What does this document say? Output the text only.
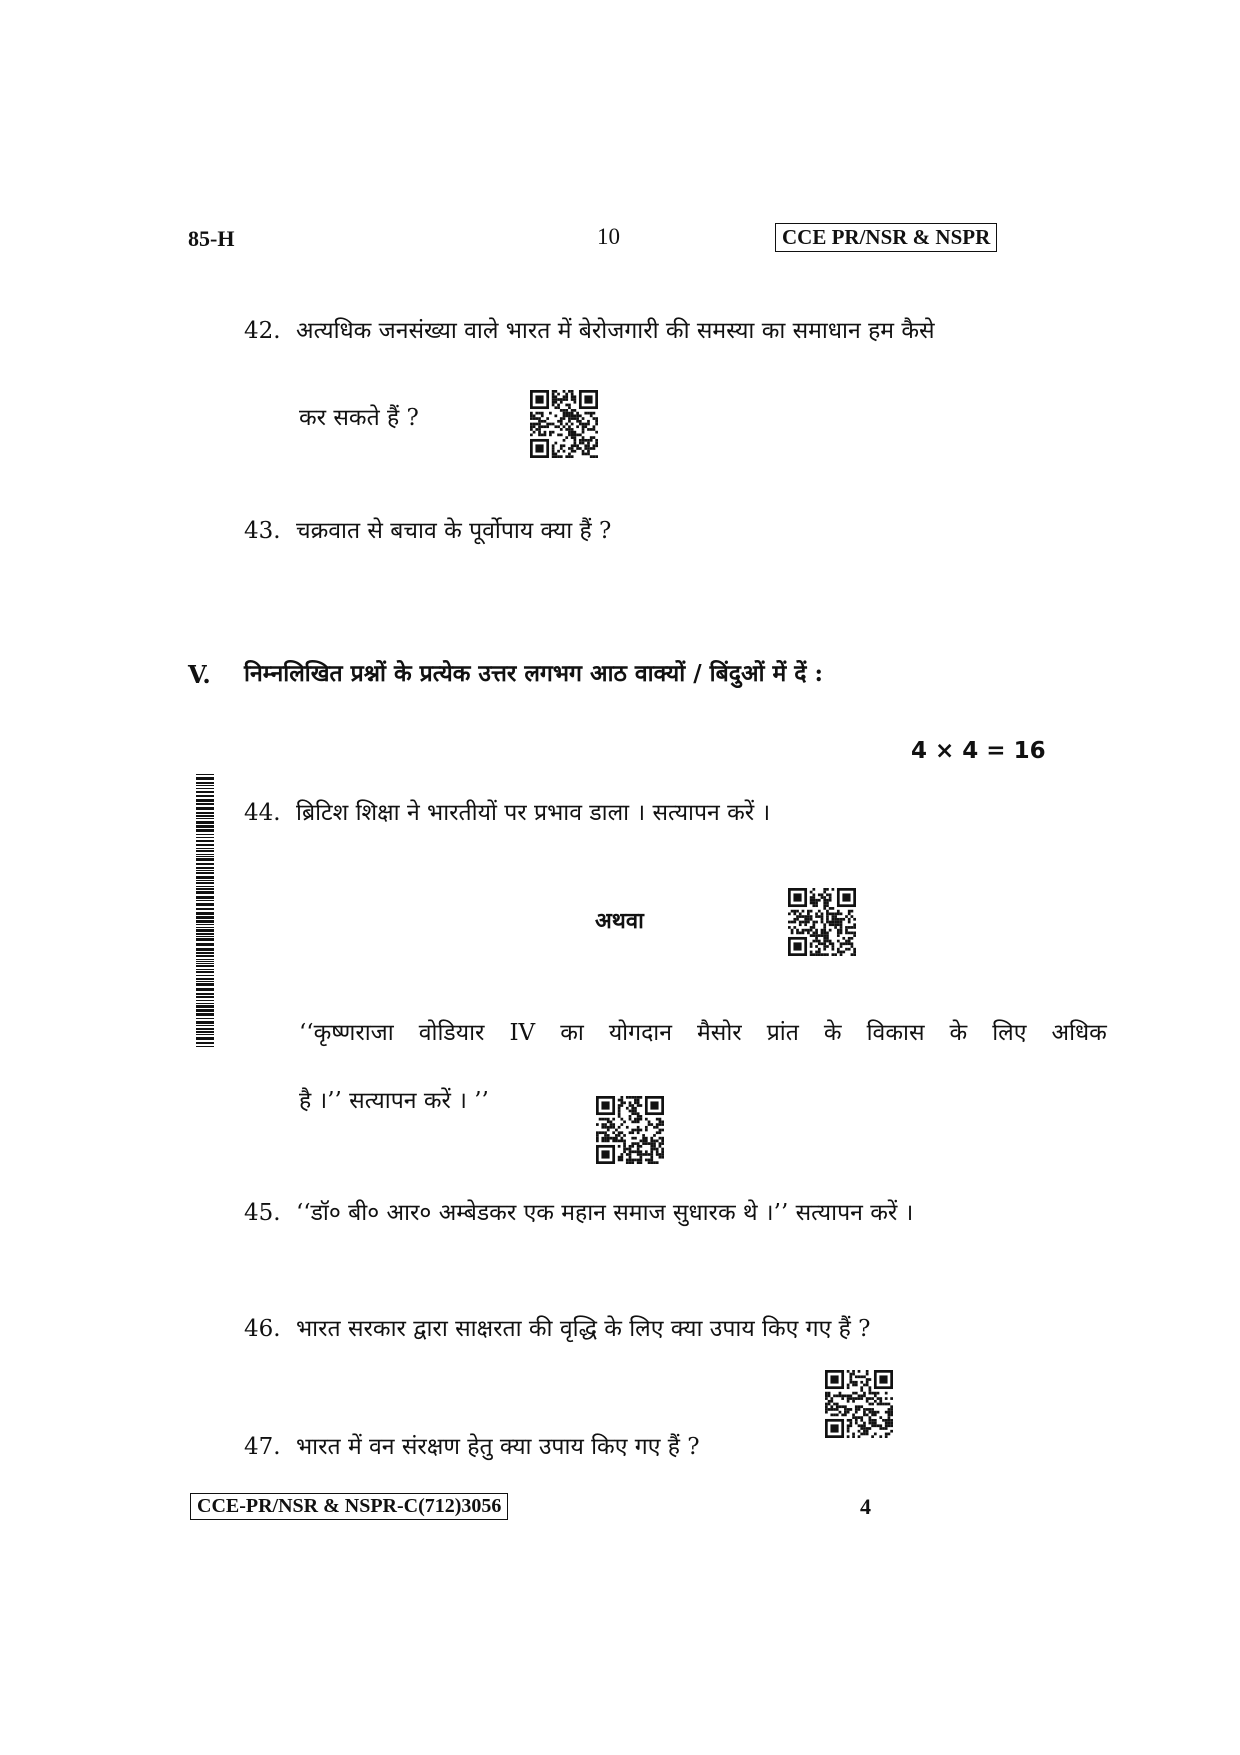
85-H	10	CCE PR/NSR & NSPR
42. अत्यधिक जनसंख्या वाले भारत में बेरोजगारी की समस्या का समाधान हम कैसे
कर सकते हैं ?
43. चक्रवात से बचाव के पूर्वोपाय क्या हैं ?
V. निम्नलिखित प्रश्नों के प्रत्येक उत्तर लगभग आठ वाक्यों / बिंदुओं में दें :
4 × 4 = 16
44. ब्रिटिश शिक्षा ने भारतीयों पर प्रभाव डाला । सत्यापन करें ।
अथवा
‘‘कृष्णराजा वोडियार IV का योगदान मैसोर प्रांत के विकास के लिए अधिक
है ।’’ सत्यापन करें । ’’
45. ‘‘डॉ० बी० आर० अम्बेडकर एक महान समाज सुधारक थे ।’’ सत्यापन करें ।
46. भारत सरकार द्वारा साक्षरता की वृद्धि के लिए क्या उपाय किए गए हैं ?
47. भारत में वन संरक्षण हेतु क्या उपाय किए गए हैं ?
CCE-PR/NSR & NSPR-C(712)3056	4
